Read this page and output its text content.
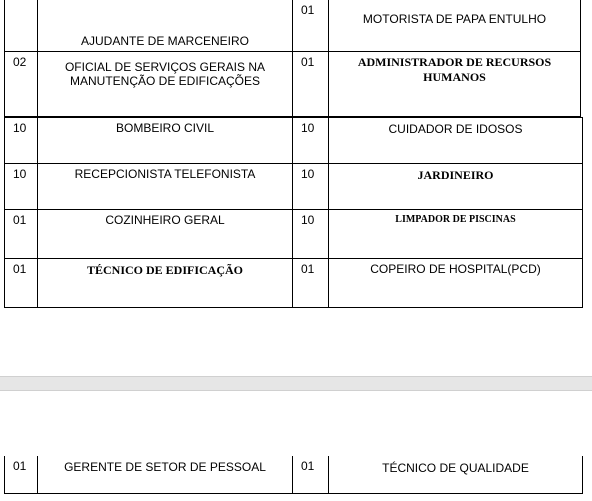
	AJUDANTE DE MARCENEIRO	01	MOTORISTA DE PAPA ENTULHO
02	OFICIAL DE SERVIÇOS GERAIS NA MANUTENÇÃO DE EDIFICAÇÕES	01	ADMINISTRADOR DE RECURSOS HUMANOS
10	BOMBEIRO CIVIL	10	CUIDADOR DE IDOSOS
10	RECEPCIONISTA TELEFONISTA	10	JARDINEIRO
01	COZINHEIRO GERAL	10	LIMPADOR DE PISCINAS
01	TÉCNICO DE EDIFICAÇÃO	01	COPEIRO DE HOSPITAL(PCD)
01	GERENTE DE SETOR DE PESSOAL	01	TÉCNICO DE QUALIDADE
